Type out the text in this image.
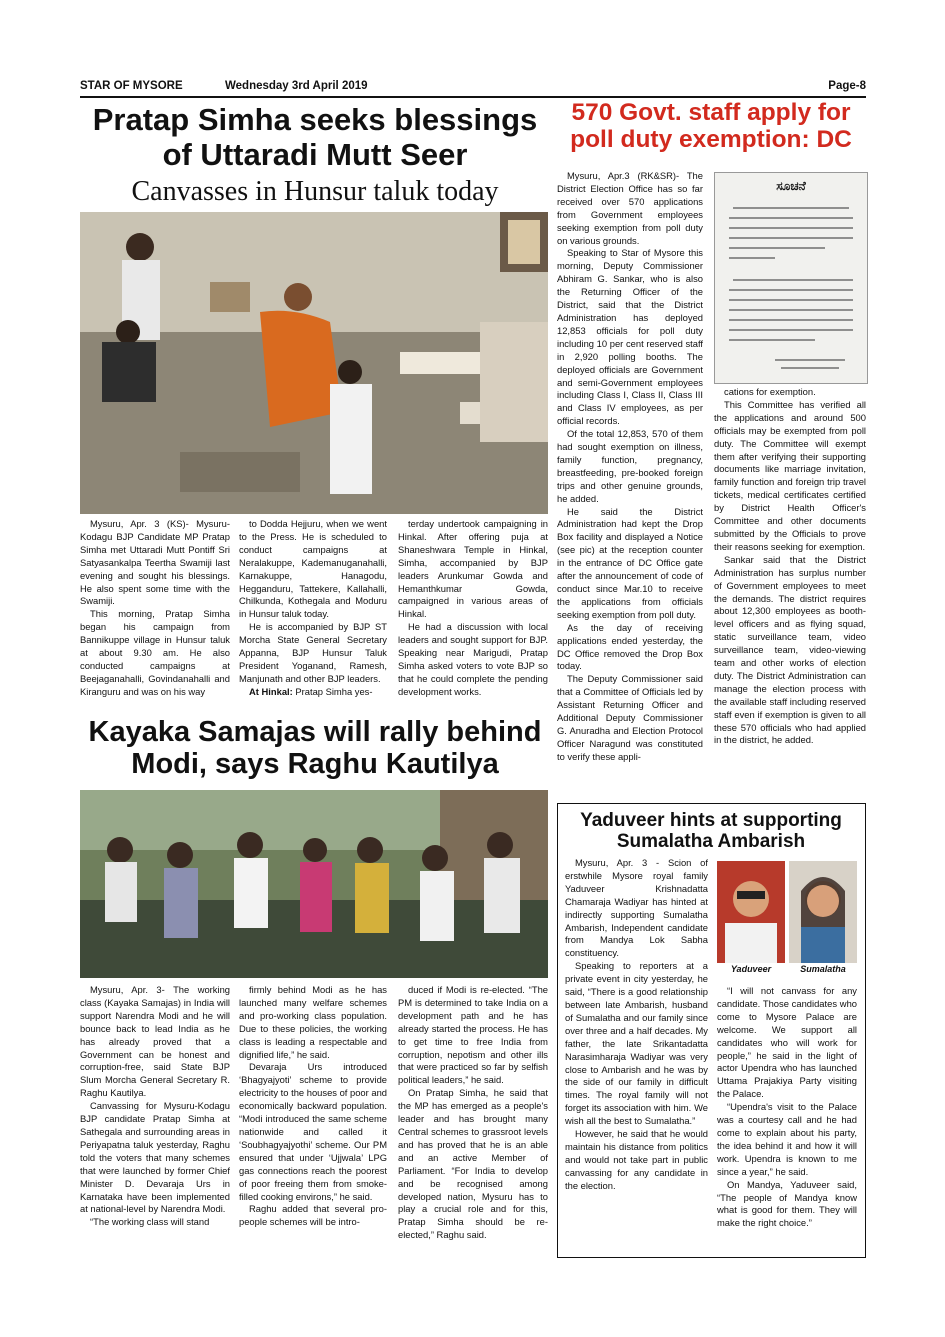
STAR OF MYSORE	Wednesday 3rd April 2019	Page-8
Pratap Simha seeks blessings of Uttaradi Mutt Seer
Canvasses in Hunsur taluk today

Mysuru, Apr. 3 (KS)- Mysuru-Kodagu BJP Candidate MP Pratap Simha met Uttaradi Mutt Pontiff Sri Satyasankalpa Teertha Swamiji last evening and sought his blessings. He also spent some time with the Swamiji.

This morning, Pratap Simha began his campaign from Bannikuppe village in Hunsur taluk at about 9.30 am. He also conducted campaigns at Beejaganahalli, Govindanahalli and Kiranguru and was on his way

to Dodda Hejjuru, when we went to the Press. He is scheduled to conduct campaigns at Neralakuppe, Kademanuganahalli, Karnakuppe, Hanagodu, Hegganduru, Tattekere, Kallahalli, Chilkunda, Kothegala and Moduru in Hunsur taluk today.

He is accompanied by BJP ST Morcha State General Secretary Appanna, BJP Hunsur Taluk President Yoganand, Ramesh, Manjunath and other BJP leaders.

At Hinkal: Pratap Simha yes-

terday undertook campaigning in Hinkal. After offering puja at Shaneshwara Temple in Hinkal, Simha, accompanied by BJP leaders Arunkumar Gowda and Hemanthkumar Gowda, campaigned in various areas of Hinkal.

He had a discussion with local leaders and sought support for BJP. Speaking near Marigudi, Pratap Simha asked voters to vote BJP so that he could complete the pending development works.

Kayaka Samajas will rally behind Modi, says Raghu Kautilya

Mysuru, Apr. 3- The working class (Kayaka Samajas) in India will support Narendra Modi and he will bounce back to lead India as he has already proved that a Government can be honest and corruption-free, said State BJP Slum Morcha General Secretary R. Raghu Kautilya.

Canvassing for Mysuru-Kodagu BJP candidate Pratap Simha at Sathegala and surrounding areas in Periyapatna taluk yesterday, Raghu told the voters that many schemes that were launched by former Chief Minister D. Devaraja Urs in Karnataka have been implemented at national-level by Narendra Modi.

“The working class will stand

firmly behind Modi as he has launched many welfare schemes and pro-working class population. Due to these policies, the working class is leading a respectable and dignified life,” he said.

Devaraja Urs introduced ‘Bhagyajyoti’ scheme to provide electricity to the houses of poor and economically backward population. “Modi introduced the same scheme nationwide and called it ‘Soubhagyajyothi’ scheme. Our PM ensured that under ‘Ujjwala’ LPG gas connections reach the poorest of poor freeing them from smoke-filled cooking environs,” he said.

Raghu added that several pro-people schemes will be intro-

duced if Modi is re-elected. “The PM is determined to take India on a development path and he has already started the process. He has to get time to free India from corruption, nepotism and other ills that were practiced so far by selfish political leaders,” he said.

On Pratap Simha, he said that the MP has emerged as a people's leader and has brought many Central schemes to grassroot levels and has proved that he is an able and an active Member of Parliament. “For India to develop and be recognised among developed nation, Mysuru has to play a crucial role and for this, Pratap Simha should be re-elected,” Raghu said.

570 Govt. staff apply for poll duty exemption: DC
ಸೂಚನೆ

Mysuru, Apr.3 (RK&SR)- The District Election Office has so far received over 570 applications from Government employees seeking exemption from poll duty on various grounds.

Speaking to Star of Mysore this morning, Deputy Commissioner Abhiram G. Sankar, who is also the Returning Officer of the District, said that the District Administration has deployed 12,853 officials for poll duty including 10 per cent reserved staff in 2,920 polling booths. The deployed officials are Government and semi-Government employees including Class I, Class II, Class III and Class IV employees, as per official records.

Of the total 12,853, 570 of them had sought exemption on illness, family function, pregnancy, breastfeeding, pre-booked foreign trips and other genuine grounds, he added.

He said the District Administration had kept the Drop Box facility and displayed a Notice (see pic) at the reception counter in the entrance of DC Office gate after the announcement of code of conduct since Mar.10 to receive the applications from officials seeking exemption from poll duty.

As the day of receiving applications ended yesterday, the DC Office removed the Drop Box today.

The Deputy Commissioner said that a Committee of Officials led by Assistant Returning Officer and Additional Deputy Commissioner G. Anuradha and Election Protocol Officer Naragund was constituted to verify these appli-

cations for exemption.

This Committee has verified all the applications and around 500 officials may be exempted from poll duty. The Committee will exempt them after verifying their supporting documents like marriage invitation, family function and foreign trip travel tickets, medical certificates certified by District Health Officer's Committee and other documents submitted by the Officials to prove their reasons seeking for exemption.

Sankar said that the District Administration has surplus number of Government employees to meet the demands. The district requires about 12,300 employees as booth-level officers and as flying squad, static surveillance team, video surveillance team, video-viewing team and other works of election duty. The District Administration can manage the election process with the available staff including reserved staff even if exemption is given to all these 570 officials who had applied in the district, he added.

Yaduveer hints at supporting Sumalatha Ambarish
Yaduveer	Sumalatha

Mysuru, Apr. 3 - Scion of erstwhile Mysore royal family Yaduveer Krishnadatta Chamaraja Wadiyar has hinted at indirectly supporting Sumalatha Ambarish, Independent candidate from Mandya Lok Sabha constituency.

Speaking to reporters at a private event in city yesterday, he said, “There is a good relationship between late Ambarish, husband of Sumalatha and our family since over three and a half decades. My father, the late Srikantadatta Narasimharaja Wadiyar was very close to Ambarish and he was by the side of our family in difficult times. The royal family will not forget its association with him. We wish all the best to Sumalatha.”

However, he said that he would maintain his distance from politics and would not take part in public canvassing for any candidate in the election.

“I will not canvass for any candidate. Those candidates who come to Mysore Palace are welcome. We support all candidates who will work for people,” he said in the light of actor Upendra who has launched Uttama Prajakiya Party visiting the Palace.

“Upendra's visit to the Palace was a courtesy call and he had come to explain about his party, the idea behind it and how it will work. Upendra is known to me since a year,” he said.

On Mandya, Yaduveer said, “The people of Mandya know what is good for them. They will make the right choice.”
